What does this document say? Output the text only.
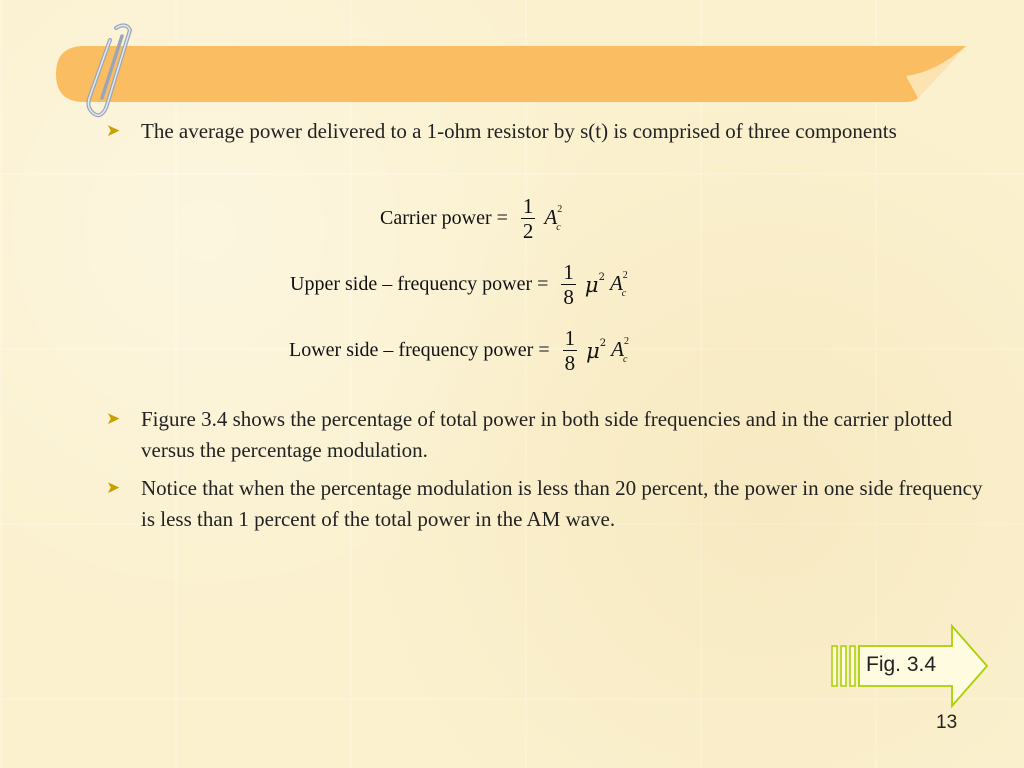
➤ The average power delivered to a 1-ohm resistor by s(t) is comprised of three components
➤ Figure 3.4 shows the percentage of total power in both side frequencies and in the carrier plotted versus the percentage modulation.
➤ Notice that when the percentage modulation is less than 20 percent, the power in one side frequency is less than 1 percent of the total power in the AM wave.
Carrier power = $\frac{1}{2} A^2_c$
Upper side – frequency power = $\frac{1}{8} \mu^2$ $A^2_c$
Lower side – frequency power = $\frac{1}{8} \mu^2$ $A^2_c$
Fig. 3.4
13
